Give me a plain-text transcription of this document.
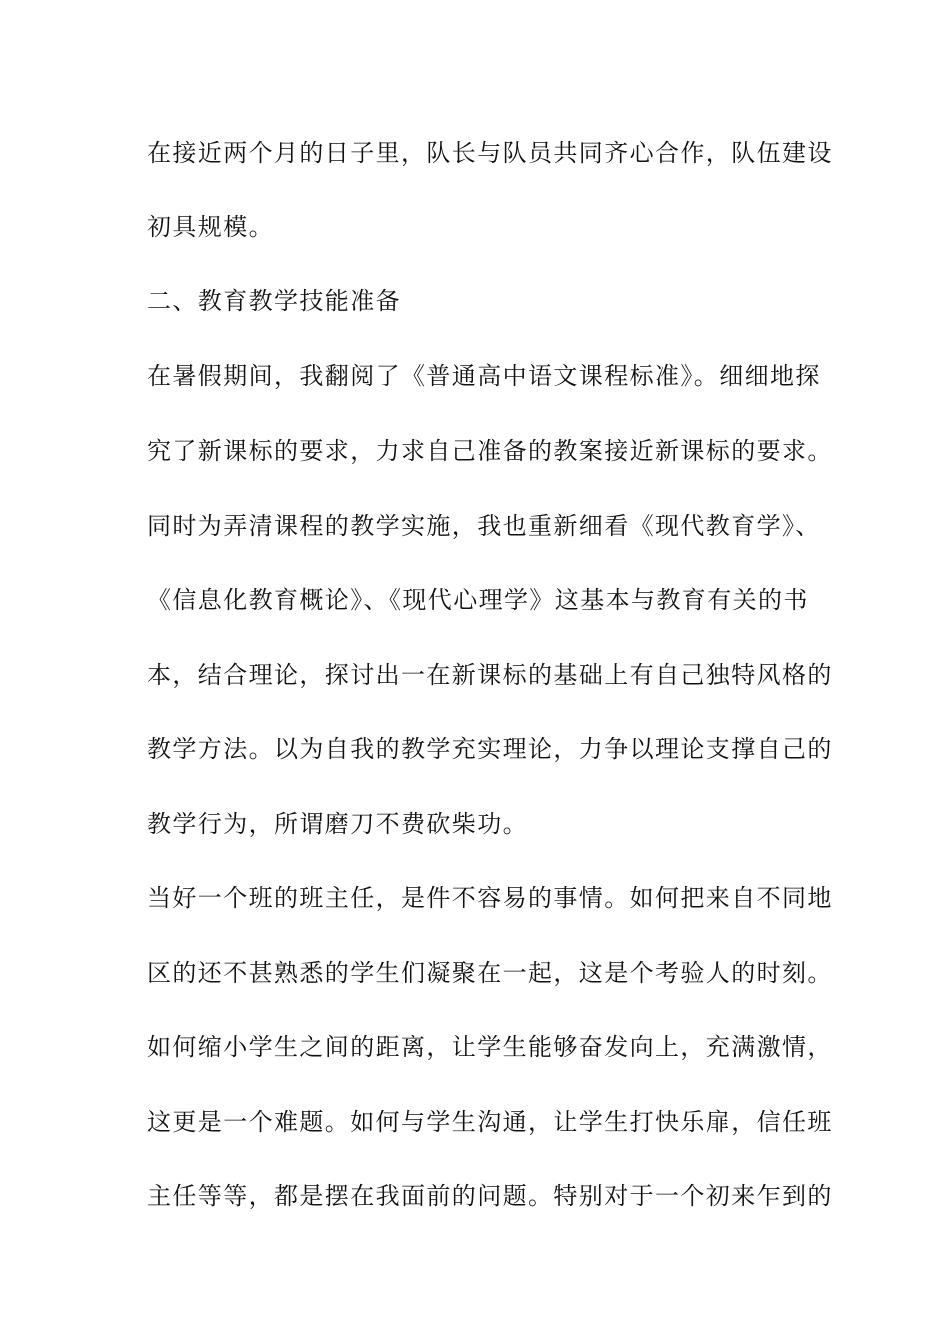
在接近两个月的日子里，队长与队员共同齐心合作，队伍建设
初具规模。
二、教育教学技能准备
在暑假期间，我翻阅了《普通高中语文课程标准》。细细地探
究了新课标的要求，力求自己准备的教案接近新课标的要求。
同时为弄清课程的教学实施，我也重新细看《现代教育学》、
《信息化教育概论》、《现代心理学》这基本与教育有关的书
本，结合理论，探讨出一在新课标的基础上有自己独特风格的
教学方法。以为自我的教学充实理论，力争以理论支撑自己的
教学行为，所谓磨刀不费砍柴功。
当好一个班的班主任，是件不容易的事情。如何把来自不同地
区的还不甚熟悉的学生们凝聚在一起，这是个考验人的时刻。
如何缩小学生之间的距离，让学生能够奋发向上，充满激情，
这更是一个难题。如何与学生沟通，让学生打快乐扉，信任班
主任等等，都是摆在我面前的问题。特别对于一个初来乍到的
